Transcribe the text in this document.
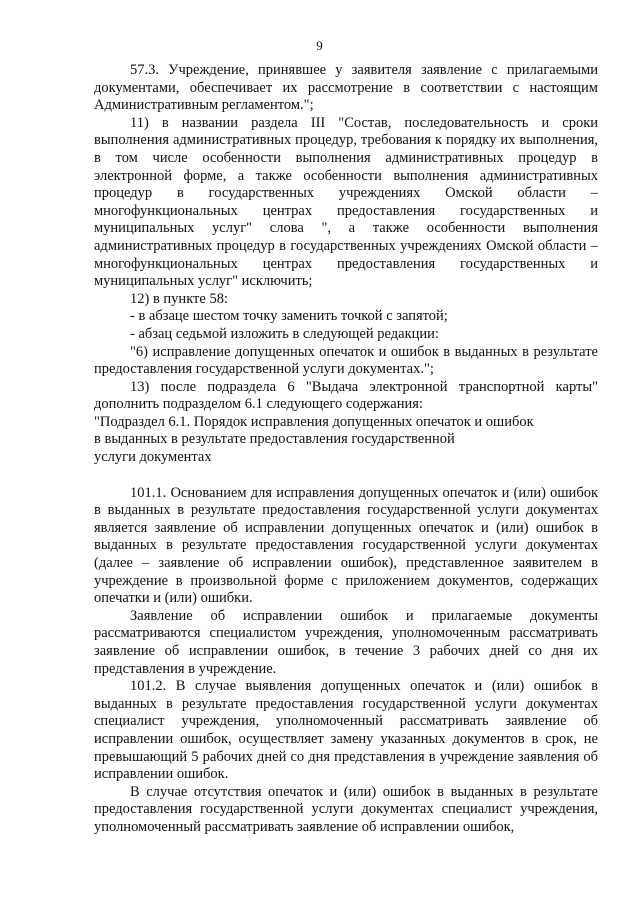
9

57.3. Учреждение, принявшее у заявителя заявление с прилагаемыми документами, обеспечивает их рассмотрение в соответствии с настоящим Административным регламентом.";

11) в названии раздела III "Состав, последовательность и сроки выполнения административных процедур, требования к порядку их выполнения, в том числе особенности выполнения административных процедур в электронной форме, а также особенности выполнения административных процедур в государственных учреждениях Омской области – многофункциональных центрах предоставления государственных и муниципальных услуг" слова ", а также особенности выполнения административных процедур в государственных учреждениях Омской области – многофункциональных центрах предоставления государственных и муниципальных услуг" исключить;

12) в пункте 58:

- в абзаце шестом точку заменить точкой с запятой;

- абзац седьмой изложить в следующей редакции:

"6) исправление допущенных опечаток и ошибок в выданных в результате предоставления государственной услуги документах.";

13) после подраздела 6 "Выдача электронной транспортной карты" дополнить подразделом 6.1 следующего содержания:

"Подраздел 6.1. Порядок исправления допущенных опечаток и ошибок
в выданных в результате предоставления государственной
услуги документах

101.1. Основанием для исправления допущенных опечаток и (или) ошибок в выданных в результате предоставления государственной услуги документах является заявление об исправлении допущенных опечаток и (или) ошибок в выданных в результате предоставления государственной услуги документах (далее – заявление об исправлении ошибок), представленное заявителем в учреждение в произвольной форме с приложением документов, содержащих опечатки и (или) ошибки.

Заявление об исправлении ошибок и прилагаемые документы рассматриваются специалистом учреждения, уполномоченным рассматривать заявление об исправлении ошибок, в течение 3 рабочих дней со дня их представления в учреждение.

101.2. В случае выявления допущенных опечаток и (или) ошибок в выданных в результате предоставления государственной услуги документах специалист учреждения, уполномоченный рассматривать заявление об исправлении ошибок, осуществляет замену указанных документов в срок, не превышающий 5 рабочих дней со дня представления в учреждение заявления об исправлении ошибок.

В случае отсутствия опечаток и (или) ошибок в выданных в результате предоставления государственной услуги документах специалист учреждения, уполномоченный рассматривать заявление об исправлении ошибок,
